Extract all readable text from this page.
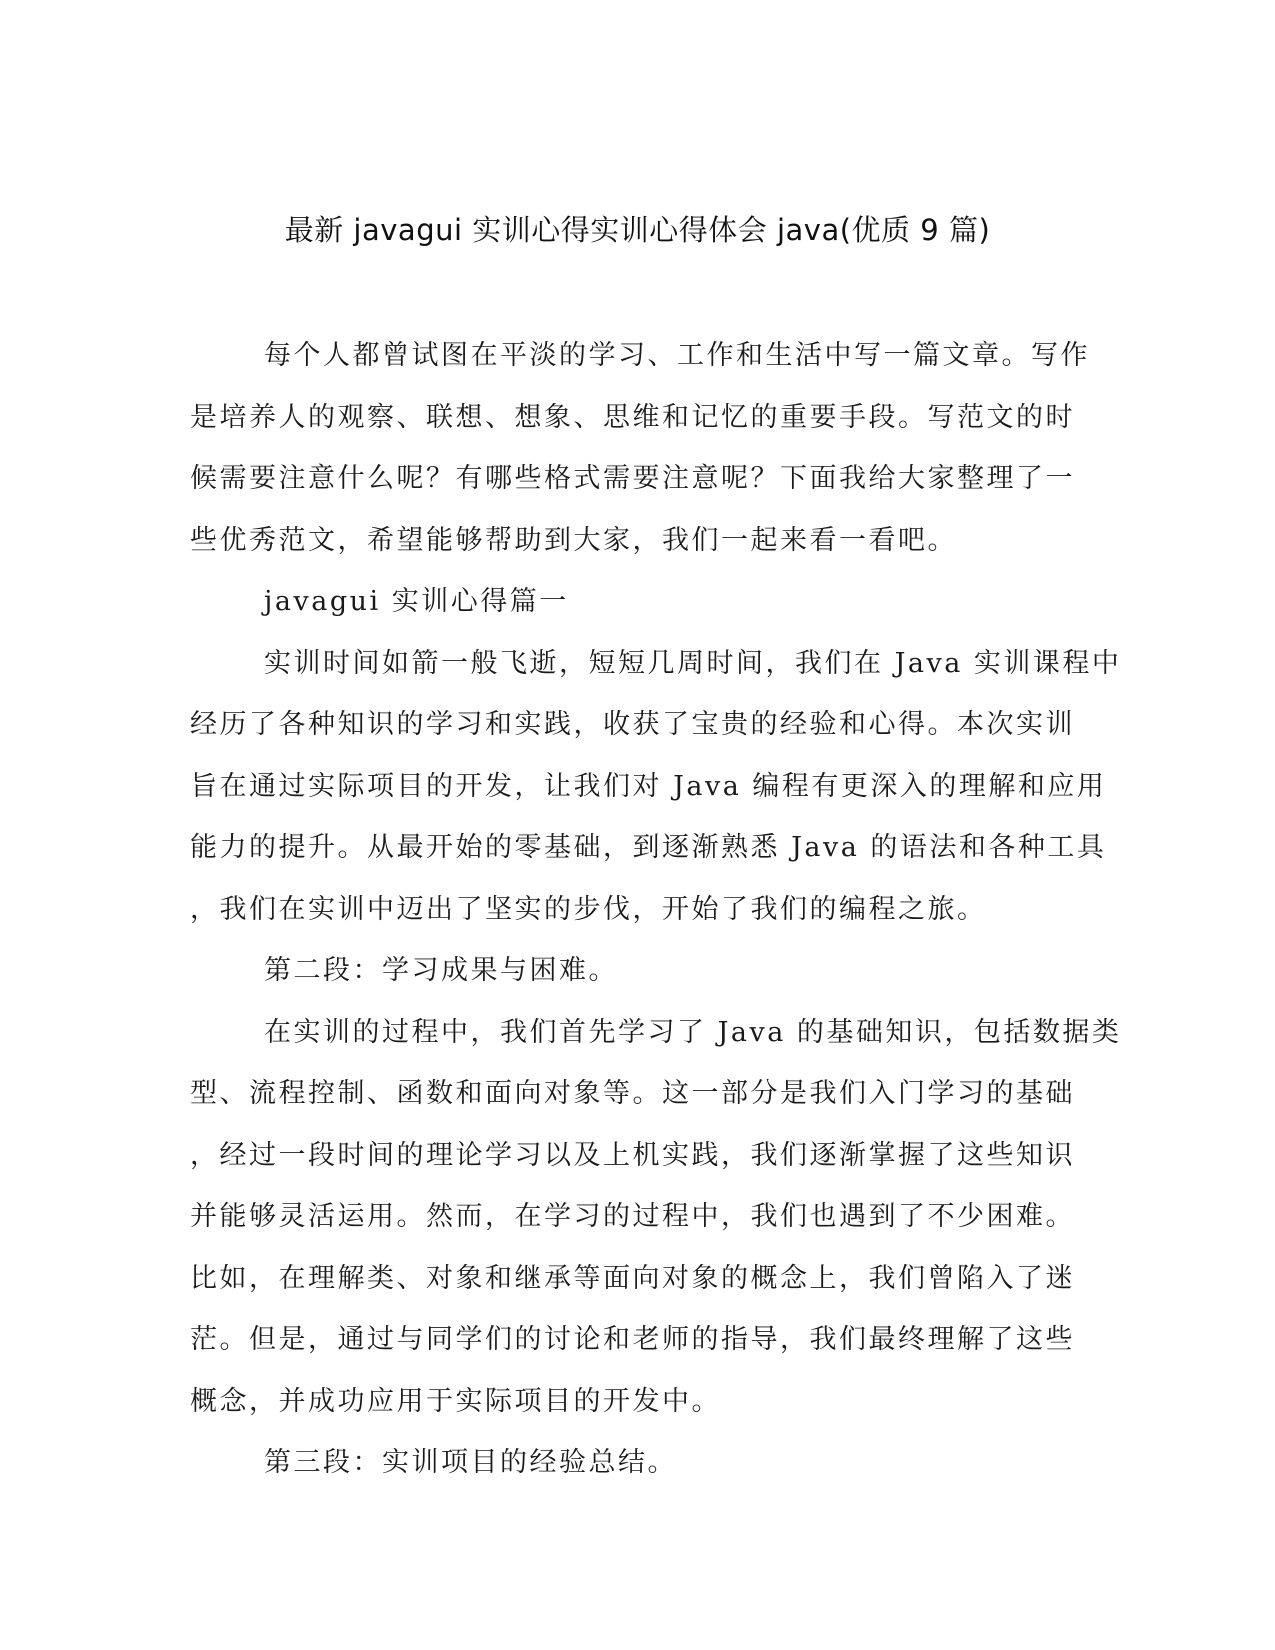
最新 javagui 实训心得实训心得体会 java(优质 9 篇)
每个人都曾试图在平淡的学习、工作和生活中写一篇文章。写作
是培养人的观察、联想、想象、思维和记忆的重要手段。写范文的时
候需要注意什么呢？有哪些格式需要注意呢？下面我给大家整理了一
些优秀范文，希望能够帮助到大家，我们一起来看一看吧。
javagui 实训心得篇一
实训时间如箭一般飞逝，短短几周时间，我们在 Java 实训课程中
经历了各种知识的学习和实践，收获了宝贵的经验和心得。本次实训
旨在通过实际项目的开发，让我们对 Java 编程有更深入的理解和应用
能力的提升。从最开始的零基础，到逐渐熟悉 Java 的语法和各种工具
，我们在实训中迈出了坚实的步伐，开始了我们的编程之旅。
第二段：学习成果与困难。
在实训的过程中，我们首先学习了 Java 的基础知识，包括数据类
型、流程控制、函数和面向对象等。这一部分是我们入门学习的基础
，经过一段时间的理论学习以及上机实践，我们逐渐掌握了这些知识
并能够灵活运用。然而，在学习的过程中，我们也遇到了不少困难。
比如，在理解类、对象和继承等面向对象的概念上，我们曾陷入了迷
茫。但是，通过与同学们的讨论和老师的指导，我们最终理解了这些
概念，并成功应用于实际项目的开发中。
第三段：实训项目的经验总结。
